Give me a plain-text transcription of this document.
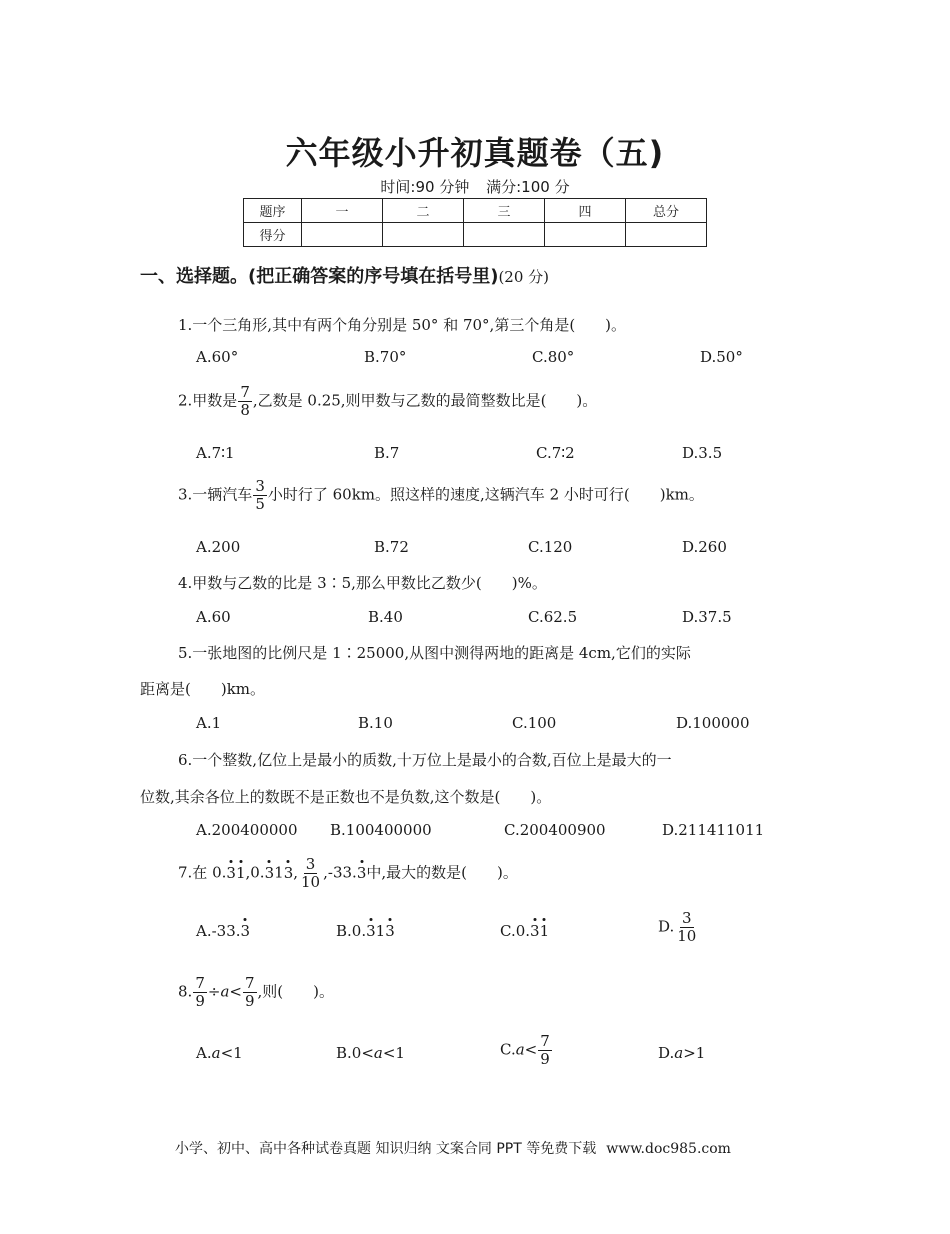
六年级小升初真题卷（五)
时间:90 分钟 满分:100 分
题序	一	二	三	四	总分
得分					
一、选择题。(把正确答案的序号填在括号里)(20 分)
1.一个三角形,其中有两个角分别是 50° 和 70°,第三个角是(　　)。
A.60°	B.70°	C.80°	D.50°
2.甲数是 $\frac{7}{8}$ ,乙数是 0.25,则甲数与乙数的最简整数比是(　　)。
A.7∶1	B.7	C.7∶2	D.3.5
3.一辆汽车 $\frac{3}{5}$ 小时行了 60km。照这样的速度,这辆汽车 2 小时可行(　　)km。
A.200	B.72	C.120	D.260
4.甲数与乙数的比是 3∶5,那么甲数比乙数少(　　)%。
A.60	B.40	C.62.5	D.37.5
5.一张地图的比例尺是 1∶25000,从图中测得两地的距离是 4cm,它们的实际
距离是(　　)km。
A.1	B.10	C.100	D.100000
6.一个整数,亿位上是最小的质数,十万位上是最小的合数,百位上是最大的一
位数,其余各位上的数既不是正数也不是负数,这个数是(　　)。
A.200400000 B.100400000	C.200400900	D.211411011
7.在 0.31,0.313, $\frac{3}{10} ,-33.3$中,最大的数是(　　)。
A.-33.3	B.0.313	C.0.31	D. $\frac{3}{10}$
8. $\frac{7}{9} \div a< \frac{7}{9}$ ,则(　　)。
A.a<1	B.0<a<1	$C.a< \frac{7}{9}$	D.a>1
小学、初中、高中各种试卷真题 知识归纳 文案合同 PPT 等免费下载 www.doc985.com
